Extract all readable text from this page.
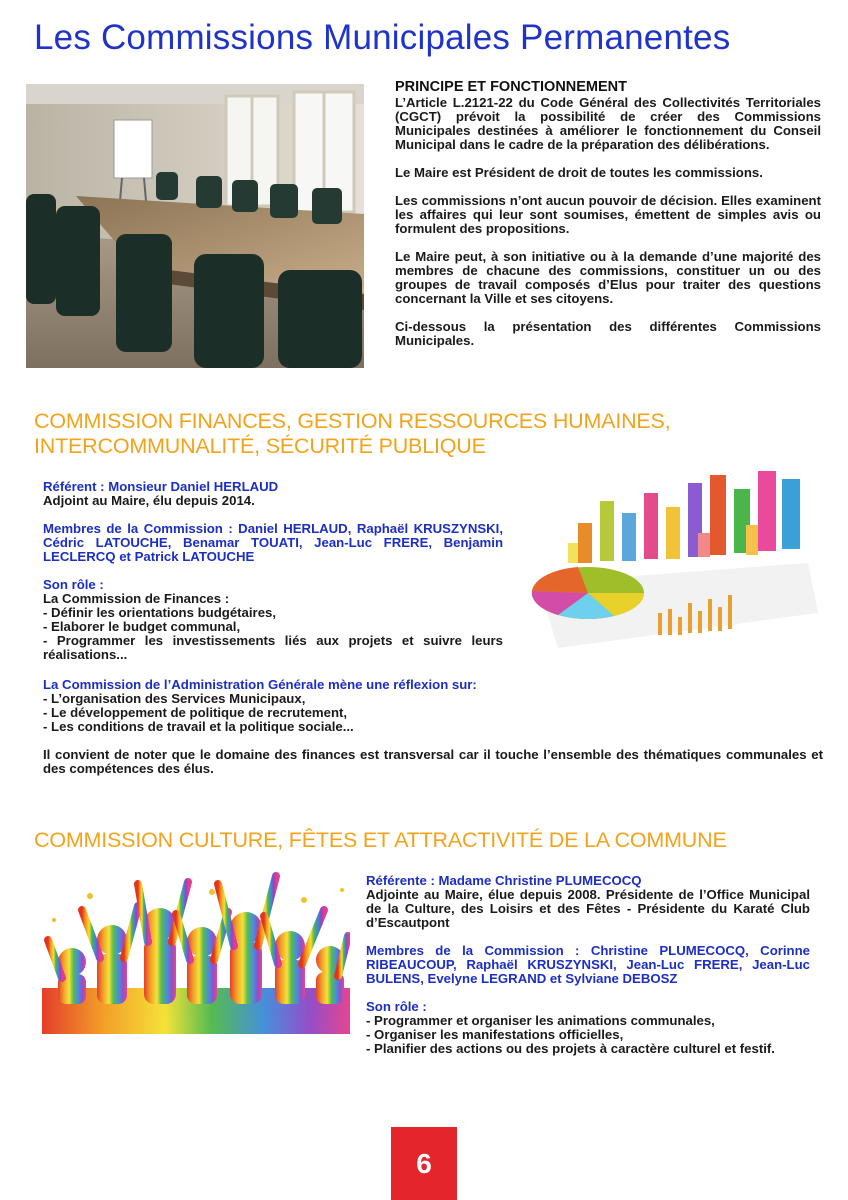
Les Commissions Municipales Permanentes
PRINCIPE ET FONCTIONNEMENT

L’Article L.2121-22 du Code Général des Collectivités Territoriales (CGCT) prévoit la possibilité de créer des Commissions Municipales destinées à améliorer le fonctionnement du Conseil Municipal dans le cadre de la préparation des délibérations.

Le Maire est Président de droit de toutes les commissions.

Les commissions n’ont aucun pouvoir de décision. Elles examinent les affaires qui leur sont soumises, émettent de simples avis ou formulent des propositions.

Le Maire peut, à son initiative ou à la demande d’une majorité des membres de chacune des commissions, constituer un ou des groupes de travail composés d’Elus pour traiter des questions concernant la Ville et ses citoyens.

Ci-dessous la présentation des différentes Commissions Municipales.

COMMISSION FINANCES, GESTION RESSOURCES HUMAINES,
INTERCOMMUNALITÉ, SÉCURITÉ PUBLIQUE
Référent : Monsieur Daniel HERLAUD

Adjoint au Maire, élu depuis 2014.

Membres de la Commission : Daniel HERLAUD, Raphaël KRUSZYNSKI, Cédric LATOUCHE, Benamar TOUATI, Jean-Luc FRERE, Benjamin LECLERCQ et Patrick LATOUCHE

Son rôle :
La Commission de Finances :
- Définir les orientations budgétaires,
- Elaborer le budget communal,

- Programmer les investissements liés aux projets et suivre leurs réalisations...

La Commission de l’Administration Générale mène une réflexion sur:
- L’organisation des Services Municipaux,
- Le développement de politique de recrutement,

- Les conditions de travail et la politique sociale...

Il convient de noter que le domaine des finances est transversal car il touche l’ensemble des thématiques communales et des compétences des élus.

COMMISSION CULTURE, FÊTES ET ATTRACTIVITÉ DE LA COMMUNE
Référente : Madame Christine PLUMECOCQ

Adjointe au Maire, élue depuis 2008. Présidente de l’Office Municipal de la Culture, des Loisirs et des Fêtes - Présidente du Karaté Club d’Escautpont

Membres de la Commission : Christine PLUMECOCQ, Corinne RIBEAUCOUP, Raphaël KRUSZYNSKI, Jean-Luc FRERE, Jean-Luc BULENS, Evelyne LEGRAND et Sylviane DEBOSZ

Son rôle :
- Programmer et organiser les animations communales,
- Organiser les manifestations officielles,
- Planifier des actions ou des projets à caractère culturel et festif.
6
